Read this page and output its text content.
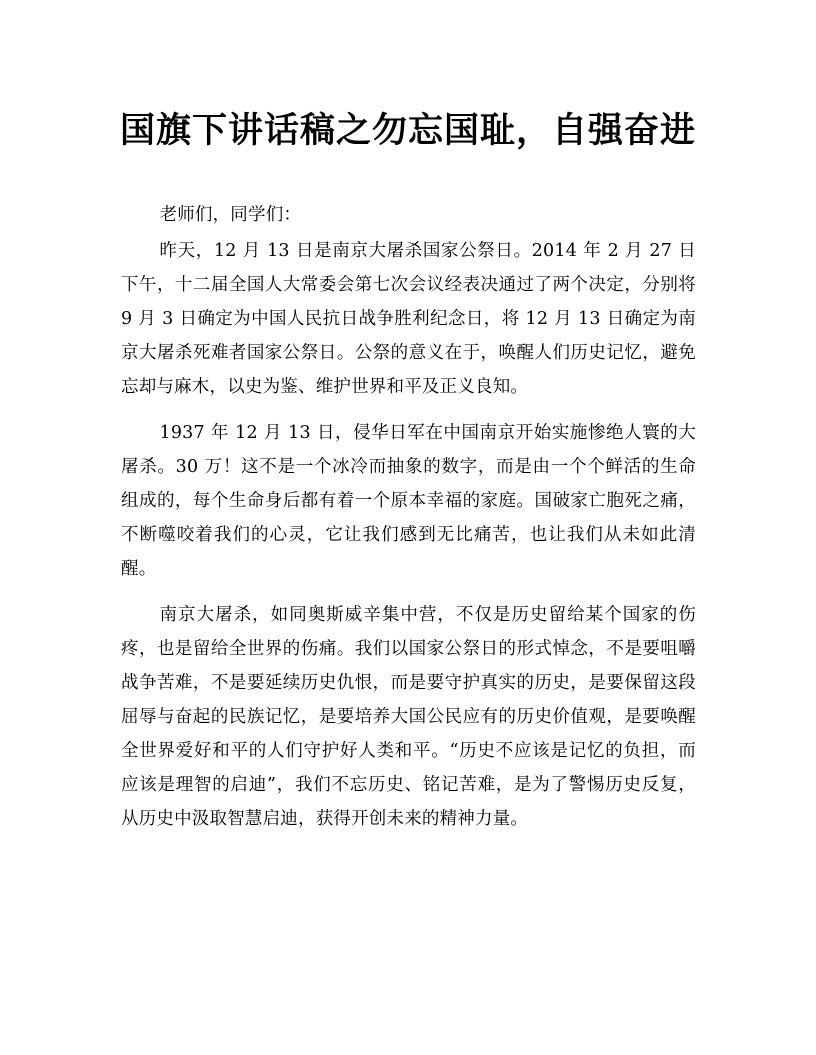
国旗下讲话稿之勿忘国耻，自强奋进

老师们，同学们：

昨天，12 月 13 日是南京大屠杀国家公祭日。2014 年 2 月 27 日下午，十二届全国人大常委会第七次会议经表决通过了两个决定，分别将 9 月 3 日确定为中国人民抗日战争胜利纪念日，将 12 月 13 日确定为南京大屠杀死难者国家公祭日。公祭的意义在于，唤醒人们历史记忆，避免忘却与麻木，以史为鉴、维护世界和平及正义良知。

1937 年 12 月 13 日，侵华日军在中国南京开始实施惨绝人寰的大屠杀。30 万！这不是一个冰冷而抽象的数字，而是由一个个鲜活的生命组成的，每个生命身后都有着一个原本幸福的家庭。国破家亡胞死之痛，不断噬咬着我们的心灵，它让我们感到无比痛苦，也让我们从未如此清醒。

南京大屠杀，如同奥斯威辛集中营，不仅是历史留给某个国家的伤疼，也是留给全世界的伤痛。我们以国家公祭日的形式悼念，不是要咀嚼战争苦难，不是要延续历史仇恨，而是要守护真实的历史，是要保留这段屈辱与奋起的民族记忆，是要培养大国公民应有的历史价值观，是要唤醒全世界爱好和平的人们守护好人类和平。“历史不应该是记忆的负担，而应该是理智的启迪”，我们不忘历史、铭记苦难，是为了警惕历史反复，从历史中汲取智慧启迪，获得开创未来的精神力量。
